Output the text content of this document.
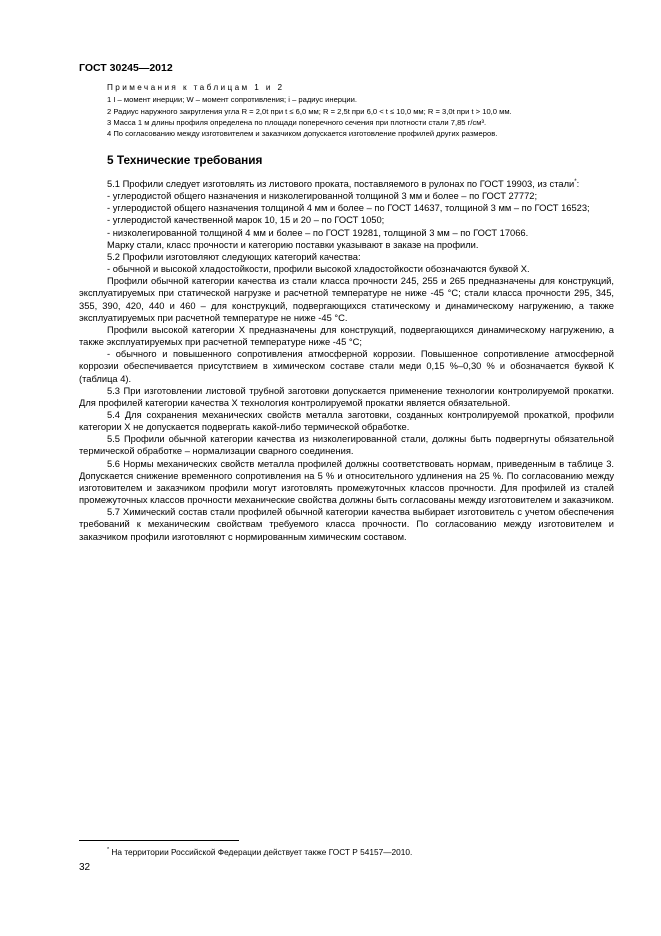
ГОСТ 30245—2012

Примечания к таблицам 1 и 2

1 I – момент инерции; W – момент сопротивления; i – радиус инерции.

2 Радиус наружного закругления угла R = 2,0t при t ≤ 6,0 мм; R = 2,5t при 6,0 < t ≤ 10,0 мм; R = 3,0t при t > 10,0 мм.

3 Масса 1 м длины профиля определена по площади поперечного сечения при плотности стали 7,85 г/см³.

4 По согласованию между изготовителем и заказчиком допускается изготовление профилей других размеров.

5 Технические требования

5.1 Профили следует изготовлять из листового проката, поставляемого в рулонах по ГОСТ 19903, из стали*:

- углеродистой общего назначения и низколегированной толщиной 3 мм и более – по ГОСТ 27772;

- углеродистой общего назначения толщиной 4 мм и более – по ГОСТ 14637, толщиной 3 мм – по ГОСТ 16523;

- углеродистой качественной марок 10, 15 и 20 – по ГОСТ 1050;

- низколегированной толщиной 4 мм и более – по ГОСТ 19281, толщиной 3 мм – по ГОСТ 17066.

Марку стали, класс прочности и категорию поставки указывают в заказе на профили.

5.2 Профили изготовляют следующих категорий качества:

- обычной и высокой хладостойкости, профили высокой хладостойкости обозначаются буквой Х.

Профили обычной категории качества из стали класса прочности 245, 255 и 265 предназначены для конструкций, эксплуатируемых при статической нагрузке и расчетной температуре не ниже -45 °С; стали класса прочности 295, 345, 355, 390, 420, 440 и 460 – для конструкций, подвергающихся статическому и динамическому нагружению, а также эксплуатируемых при расчетной температуре не ниже -45 °С.

Профили высокой категории Х предназначены для конструкций, подвергающихся динамическому нагружению, а также эксплуатируемых при расчетной температуре ниже -45 °С;

- обычного и повышенного сопротивления атмосферной коррозии. Повышенное сопротивление атмосферной коррозии обеспечивается присутствием в химическом составе стали меди 0,15 %–0,30 % и обозначается буквой К (таблица 4).

5.3 При изготовлении листовой трубной заготовки допускается применение технологии контролируемой прокатки. Для профилей категории качества Х технология контролируемой прокатки является обязательной.

5.4 Для сохранения механических свойств металла заготовки, созданных контролируемой прокаткой, профили категории Х не допускается подвергать какой-либо термической обработке.

5.5 Профили обычной категории качества из низколегированной стали, должны быть подвергнуты обязательной термической обработке – нормализации сварного соединения.

5.6 Нормы механических свойств металла профилей должны соответствовать нормам, приведенным в таблице 3. Допускается снижение временного сопротивления на 5 % и относительного удлинения на 25 %. По согласованию между изготовителем и заказчиком профили могут изготовлять промежуточных классов прочности. Для профилей из сталей промежуточных классов прочности механические свойства должны быть согласованы между изготовителем и заказчиком.

5.7 Химический состав стали профилей обычной категории качества выбирает изготовитель с учетом обеспечения требований к механическим свойствам требуемого класса прочности. По согласованию между изготовителем и заказчиком профили изготовляют с нормированным химическим составом.

* На территории Российской Федерации действует также ГОСТ Р 54157—2010.

32
